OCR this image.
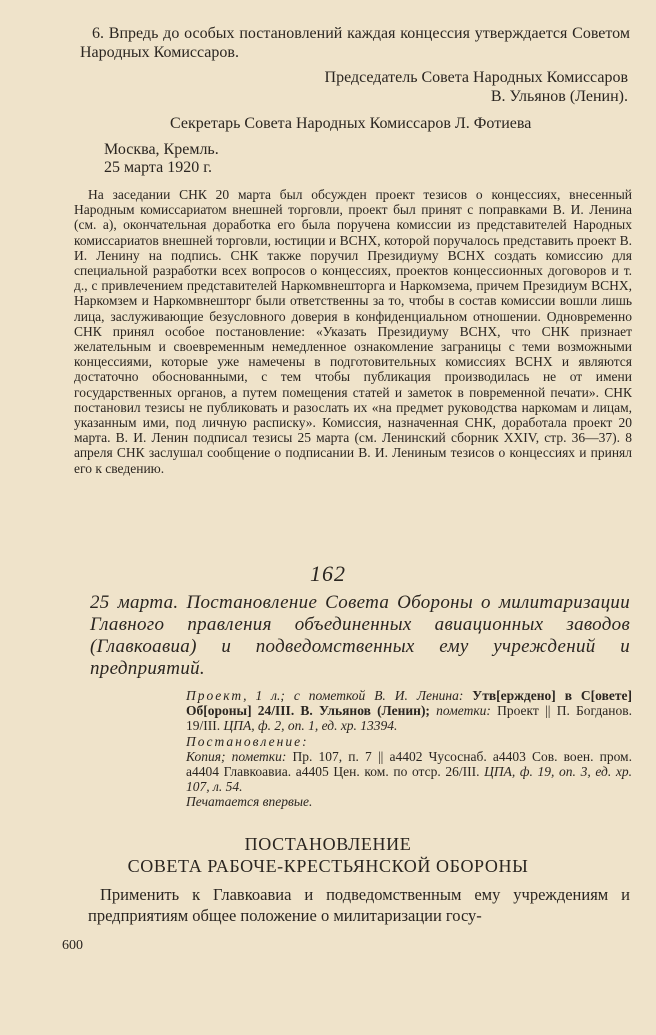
6. Впредь до особых постановлений каждая концессия утверждается Советом Народных Комиссаров.

Председатель Совета Народных Комиссаров
В. Ульянов (Ленин).
Секретарь Совета Народных Комиссаров Л. Фотиева
Москва, Кремль.
25 марта 1920 г.

На заседании СНК 20 марта был обсужден проект тезисов о концессиях, внесенный Народным комиссариатом внешней торговли, проект был принят с поправками В. И. Ленина (см. а), окончательная доработка его была поручена комиссии из представителей Народных комиссариатов внешней торговли, юстиции и ВСНХ, которой поручалось представить проект В. И. Ленину на подпись. СНК также поручил Президиуму ВСНХ создать комиссию для специальной разработки всех вопросов о концессиях, проектов концессионных договоров и т. д., с привлечением представителей Наркомвнешторга и Наркомзема, причем Президиум ВСНХ, Наркомзем и Наркомвнешторг были ответственны за то, чтобы в состав комиссии вошли лишь лица, заслуживающие безусловного доверия в конфиденциальном отношении. Одновременно СНК принял особое постановление: «Указать Президиуму ВСНХ, что СНК признает желательным и своевременным немедленное ознакомление заграницы с теми возможными концессиями, которые уже намечены в подготовительных комиссиях ВСНХ и являются достаточно обоснованными, с тем чтобы публикация производилась не от имени государственных органов, а путем помещения статей и заметок в повременной печати». СНК постановил тезисы не публиковать и разослать их «на предмет руководства наркомам и лицам, указанным ими, под личную расписку». Комиссия, назначенная СНК, доработала проект 20 марта. В. И. Ленин подписал тезисы 25 марта (см. Ленинский сборник XXIV, стр. 36—37). 8 апреля СНК заслушал сообщение о подписании В. И. Лениным тезисов о концессиях и принял его к сведению.

162

25 марта. Постановление Совета Обороны о милитаризации Главного правления объединенных авиационных заводов (Главкоавиа) и подведомственных ему учреждений и предприятий.

Проект, 1 л.; с пометкой В. И. Ленина: Утв[ерждено] в С[овете] Об[ороны] 24/III. В. Ульянов (Ленин); пометки: Проект || П. Богданов. 19/III. ЦПА, ф. 2, оп. 1, ед. хр. 13394.

Постановление:

Копия; пометки: Пр. 107, п. 7 || а4402 Чусоснаб. а4403 Сов. воен. пром. а4404 Главкоавиа. а4405 Цен. ком. по отср. 26/III. ЦПА, ф. 19, оп. 3, ед. хр. 107, л. 54.

Печатается впервые.

ПОСТАНОВЛЕНИЕ
СОВЕТА РАБОЧЕ-КРЕСТЬЯНСКОЙ ОБОРОНЫ

Применить к Главкоавиа и подведомственным ему учреждениям и предприятиям общее положение о милитаризации госу-

600
